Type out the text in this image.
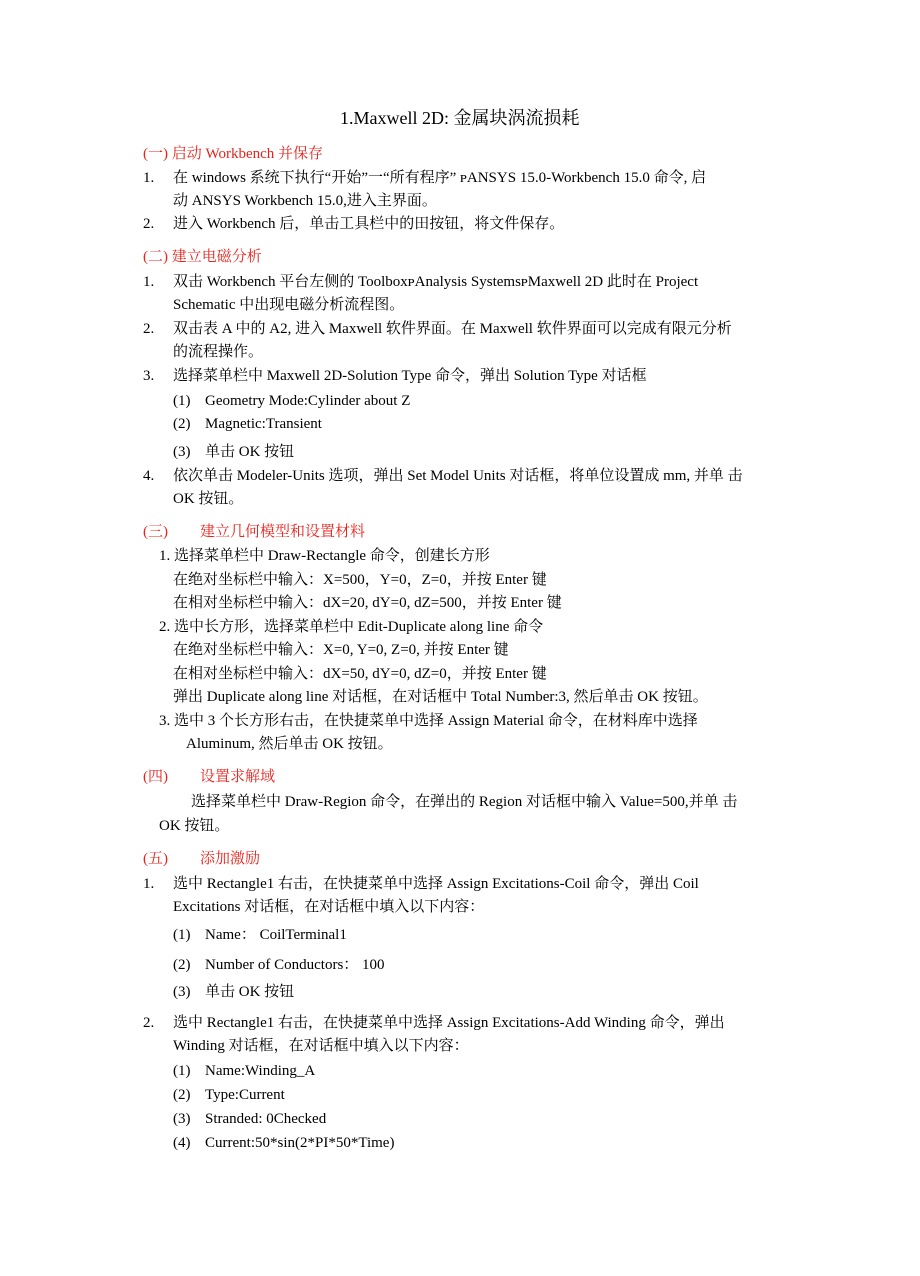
1.Maxwell 2D: 金属块涡流损耗
(一) 启动 Workbench 并保存
1. 在 windows 系统下执行“开始”一“所有程序” ᴩANSYS 15.0-Workbench 15.0 命令, 启
动 ANSYS Workbench 15.0,进入主界面。
2. 进入 Workbench 后，单击工具栏中的田按钮，将文件保存。
(二) 建立电磁分析
1. 双击 Workbench 平台左侧的 ToolboxᴩAnalysis SystemsᴩMaxwell 2D 此时在 Project
Schematic 中出现电磁分析流程图。
2. 双击表 A 中的 A2, 进入 Maxwell 软件界面。在 Maxwell 软件界面可以完成有限元分析
的流程操作。
3. 选择菜单栏中 Maxwell 2D-Solution Type 命令，弹出 Solution Type 对话框
(1) Geometry Mode:Cylinder about Z
(2) Magnetic:Transient
(3) 单击 OK 按钮
4. 依次单击 Modeler-Units 选项，弹出 Set Model Units 对话框，将单位设置成 mm, 并单 击
OK 按钮。
(三) 建立几何模型和设置材料
1. 选择菜单栏中 Draw-Rectangle 命令，创建长方形
在绝对坐标栏中输入：X=500，Y=0，Z=0，并按 Enter 键
在相对坐标栏中输入：dX=20, dY=0, dZ=500，并按 Enter 键
2. 选中长方形，选择菜单栏中 Edit-Duplicate along line 命令
在绝对坐标栏中输入：X=0, Y=0, Z=0, 并按 Enter 键
在相对坐标栏中输入：dX=50, dY=0, dZ=0，并按 Enter 键
弹出 Duplicate along line 对话框，在对话框中 Total Number:3, 然后单击 OK 按钮。
3. 选中 3 个长方形右击，在快捷菜单中选择 Assign Material 命令，在材料库中选择
Aluminum, 然后单击 OK 按钮。
(四) 设置求解域
选择菜单栏中 Draw-Region 命令，在弹出的 Region 对话框中输入 Value=500,并单 击
OK 按钮。
(五) 添加激励
1. 选中 Rectangle1 右击，在快捷菜单中选择 Assign Excitations-Coil 命令，弹出 Coil
Excitations 对话框，在对话框中填入以下内容：
(1) Name： CoilTerminal1
(2) Number of Conductors： 100
(3) 单击 OK 按钮
2. 选中 Rectangle1 右击，在快捷菜单中选择 Assign Excitations-Add Winding 命令，弹出
Winding 对话框，在对话框中填入以下内容：
(1) Name:Winding_A
(2) Type:Current
(3) Stranded: 0Checked
(4) Current:50*sin(2*PI*50*Time)
